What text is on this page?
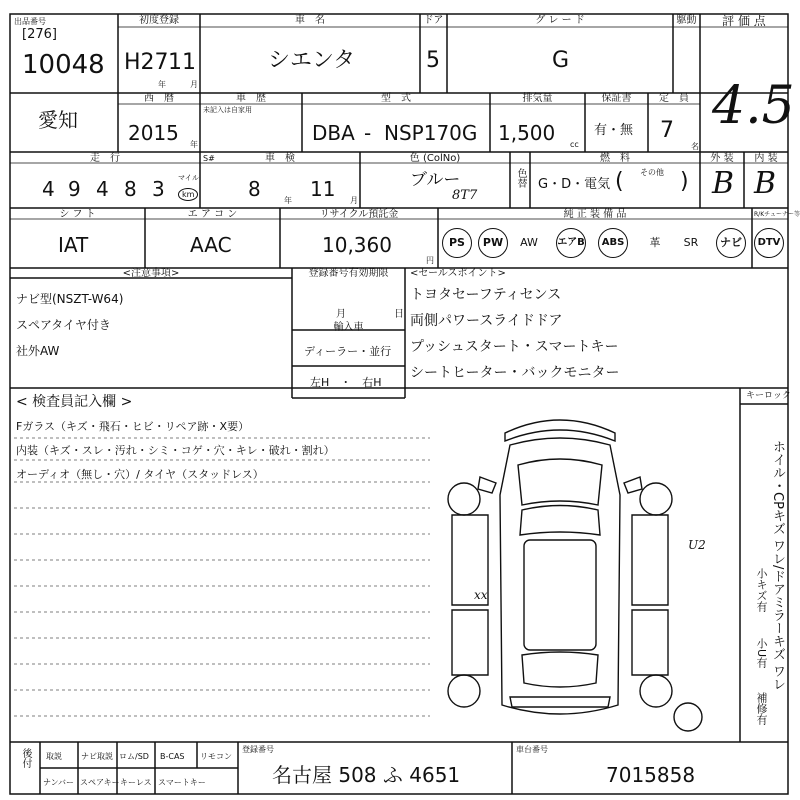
出品番号
[276]
10048
初度登録
H27 11
年	月
車　名
シエンタ
ドア
5
グ レ ー ド
G
駆動	評 価 点
4.5
愛知
西　暦
2015 年
車　歴
未記入は自家用
型　式
DBA - NSP170G
排気量
1,500 cc
保証書
有・無
定　員
7
名
走　行
4 9 4 8 3 マイル
km
S#	車　検
8	年 11 月
色 (ColNo)
ブルー
8T7
色替
燃　料
G・D・電気
その他
(	)
外 装
B
内 装
B
シ フ ト
IAT
エ ア コ ン
AAC
リサイクル預託金
10,360
円
純 正 装 備 品	R/Kチューナー等
PS	PW	AW	エアB	ABS	革	SR	ナビ	DTV
<注意事項>
ナビ型(NSZT-W64)
スペアタイヤ付き
社外AW
登録番号有効期限
月	日
輸入車
ディーラー・並行
左H　・　右H
<セールスポイント>
トヨタセーフティセンス
両側パワースライドドア
プッシュスタート・スマートキー
シートヒーター・バックモニター
< 検査員記入欄 >
Fガラス（キズ・飛石・ヒビ・リペア跡・X要）
内装（キズ・スレ・汚れ・シミ・コゲ・穴・キレ・破れ・割れ）
オーディオ（無し・穴）/ タイヤ（スタッドレス）
キーロック
xx
U2	ホイル・CPキズ ワレ/ドアミラーキズ ワレ
小キズ有
小U有
補修有
後付 取説 ナビ取説 ロム/SD B-CAS リモコン
ナンバー スペアキー キーレス スマートキー
登録番号
名古屋 508 ふ 4651
車台番号
7015858
